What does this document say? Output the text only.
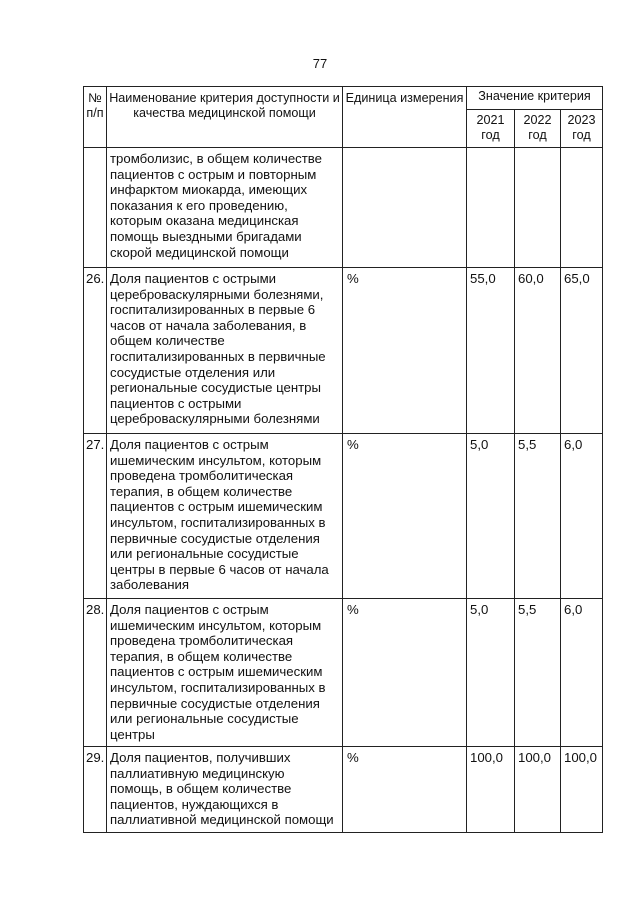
77
№ п/п	Наименование критерия доступности и качества медицинской помощи	Единица измерения	Значение критерия		
			2021 год	2022 год	2023 год
	тромболизис, в общем количестве пациентов с острым и повторным инфарктом миокарда, имеющих показания к его проведению, которым оказана медицинская помощь выездными бригадами скорой медицинской помощи				
26.	Доля пациентов с острыми цереброваскулярными болезнями, госпитализированных в первые 6 часов от начала заболевания, в общем количестве госпитализированных в первичные сосудистые отделения или региональные сосудистые центры пациентов с острыми цереброваскулярными болезнями	%	55,0	60,0	65,0
27.	Доля пациентов с острым ишемическим инсультом, которым проведена тромболитическая терапия, в общем количестве пациентов с острым ишемическим инсультом, госпитализированных в первичные сосудистые отделения или региональные сосудистые центры в первые 6 часов от начала заболевания	%	5,0	5,5	6,0
28.	Доля пациентов с острым ишемическим инсультом, которым проведена тромболитическая терапия, в общем количестве пациентов с острым ишемическим инсультом, госпитализированных в первичные сосудистые отделения или региональные сосудистые центры	%	5,0	5,5	6,0
29.	Доля пациентов, получивших паллиативную медицинскую помощь, в общем количестве пациентов, нуждающихся в паллиативной медицинской помощи	%	100,0	100,0	100,0
